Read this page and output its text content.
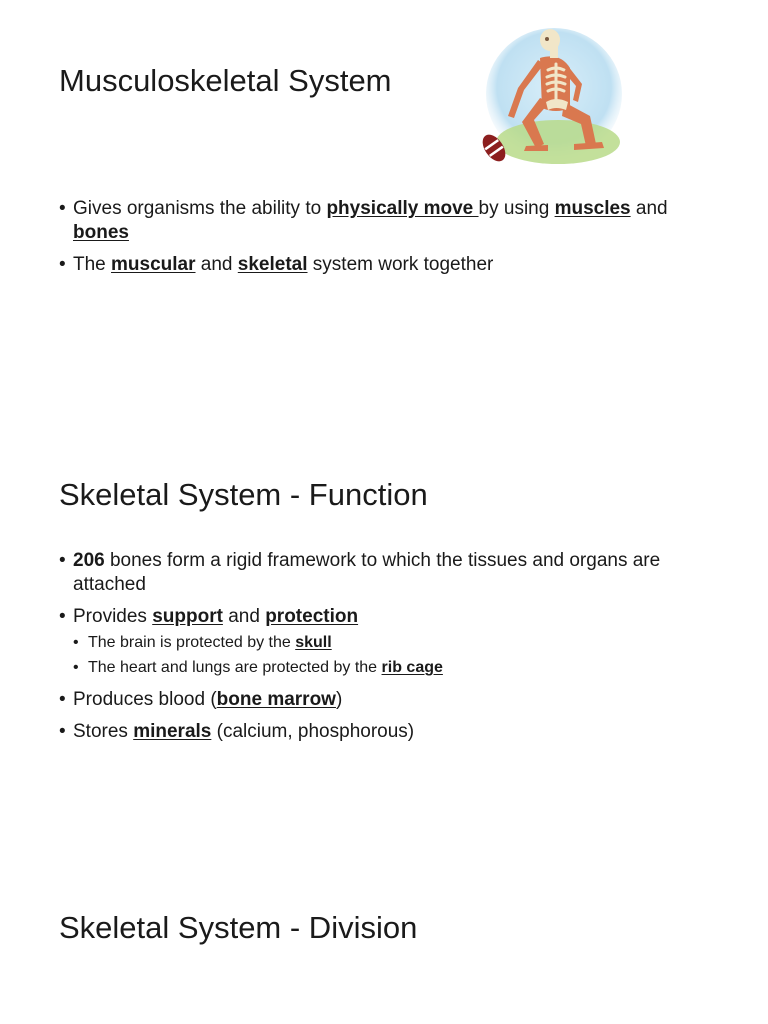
Musculoskeletal System
• Gives organisms the ability to physically move by using muscles and
bones
• The muscular and skeletal system work together
Skeletal System - Function
• 206 bones form a rigid framework to which the tissues and organs are attached
• Provides support and protection
• The brain is protected by the skull
• The heart and lungs are protected by the rib cage
• Produces blood (bone marrow)
• Stores minerals (calcium, phosphorous)
Skeletal System - Division
